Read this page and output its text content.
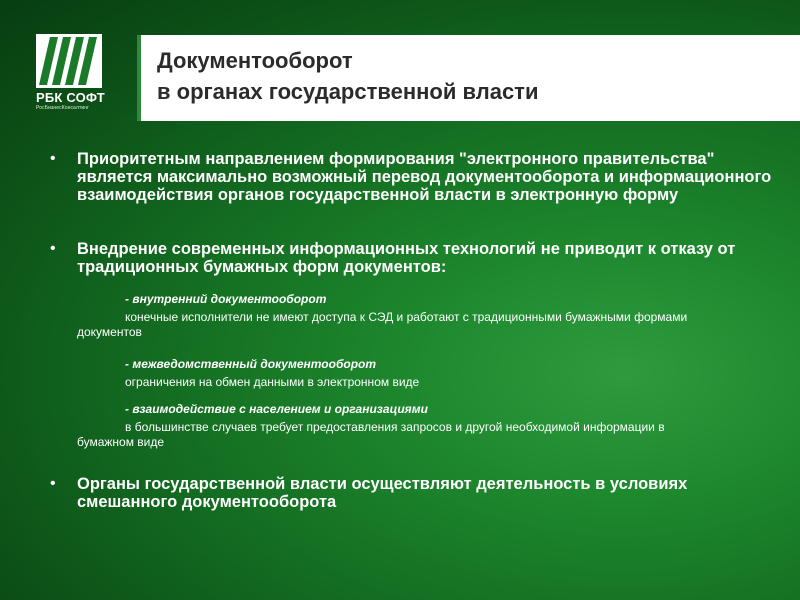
РБК СОФТ
РосБизнесКонсалтинг
Документооборот
в органах государственной власти
• Приоритетным направлением формирования "электронного правительства" является максимально возможный перевод документооборота и информационного взаимодействия органов государственной власти в электронную форму
• Внедрение современных информационных технологий не приводит к отказу от традиционных бумажных форм документов:
- внутренний документооборот
конечные исполнители не имеют доступа к СЭД и работают с традиционными бумажными формами документов
- межведомственный документооборот
ограничения на обмен данными в электронном виде
- взаимодействие с населением и организациями
в большинстве случаев требует предоставления запросов и другой необходимой информации в бумажном виде
• Органы государственной власти осуществляют деятельность в условиях смешанного документооборота
